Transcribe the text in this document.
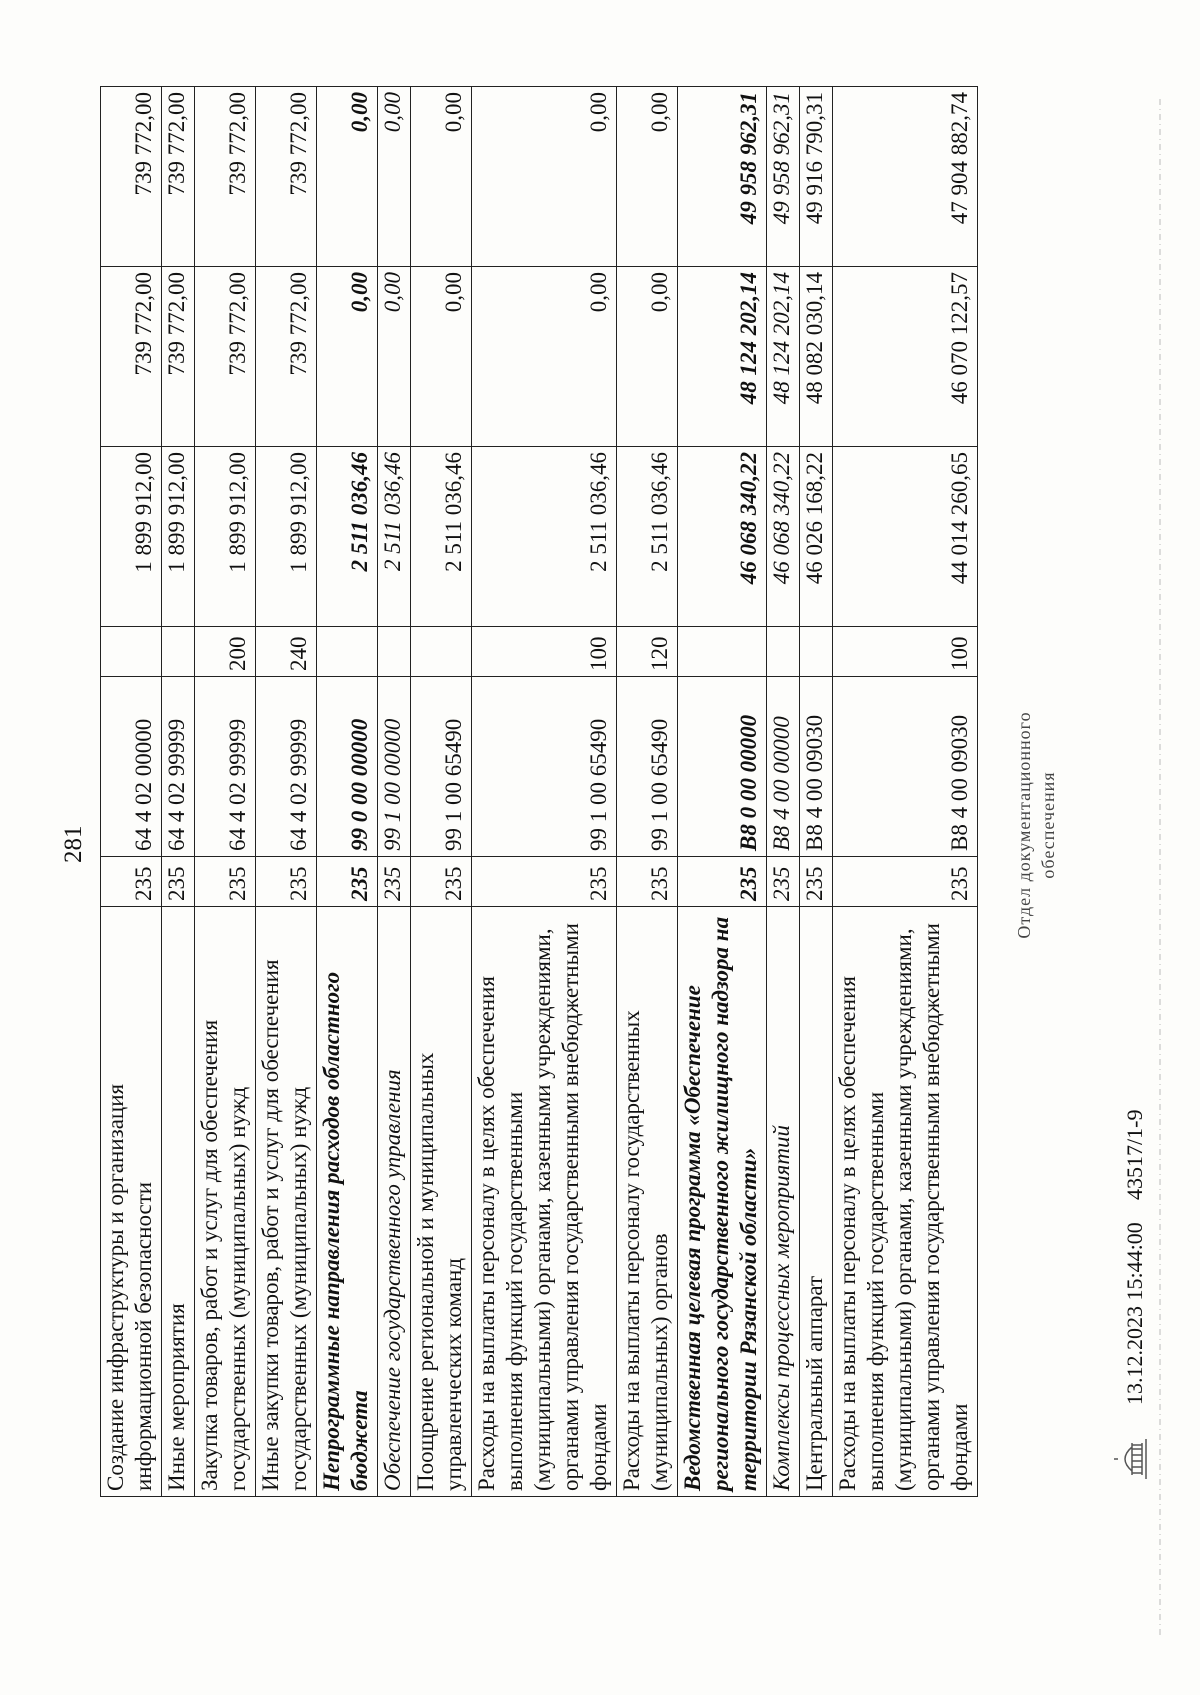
281
Создание инфраструктуры и организация информационной безопасности	235	64 4 02 00000		1 899 912,00	739 772,00	739 772,00
Иные мероприятия	235	64 4 02 99999		1 899 912,00	739 772,00	739 772,00
Закупка товаров, работ и услуг для обеспечения государственных (муниципальных) нужд	235	64 4 02 99999	200	1 899 912,00	739 772,00	739 772,00
Иные закупки товаров, работ и услуг для обеспечения государственных (муниципальных) нужд	235	64 4 02 99999	240	1 899 912,00	739 772,00	739 772,00
Непрограммные направления расходов областного бюджета	235	99 0 00 00000		2 511 036,46	0,00	0,00
Обеспечение государственного управления	235	99 1 00 00000		2 511 036,46	0,00	0,00
Поощрение региональной и муниципальных управленческих команд	235	99 1 00 65490		2 511 036,46	0,00	0,00
Расходы на выплаты персоналу в целях обеспечения выполнения функций государственными (муниципальными) органами, казенными учреждениями, органами управления государственными внебюджетными фондами	235	99 1 00 65490	100	2 511 036,46	0,00	0,00
Расходы на выплаты персоналу государственных (муниципальных) органов	235	99 1 00 65490	120	2 511 036,46	0,00	0,00
Ведомственная целевая программа «Обеспечение регионального государственного жилищного надзора на территории Рязанской области»	235	В8 0 00 00000		46 068 340,22	48 124 202,14	49 958 962,31
Комплексы процессных мероприятий	235	В8 4 00 00000		46 068 340,22	48 124 202,14	49 958 962,31
Центральный аппарат	235	В8 4 00 09030		46 026 168,22	48 082 030,14	49 916 790,31
Расходы на выплаты персоналу в целях обеспечения выполнения функций государственными (муниципальными) органами, казенными учреждениями, органами управления государственными внебюджетными фондами	235	В8 4 00 09030	100	44 014 260,65	46 070 122,57	47 904 882,74
Отдел документационного обеспечения
13.12.2023 15:44:00
43517/1-9
